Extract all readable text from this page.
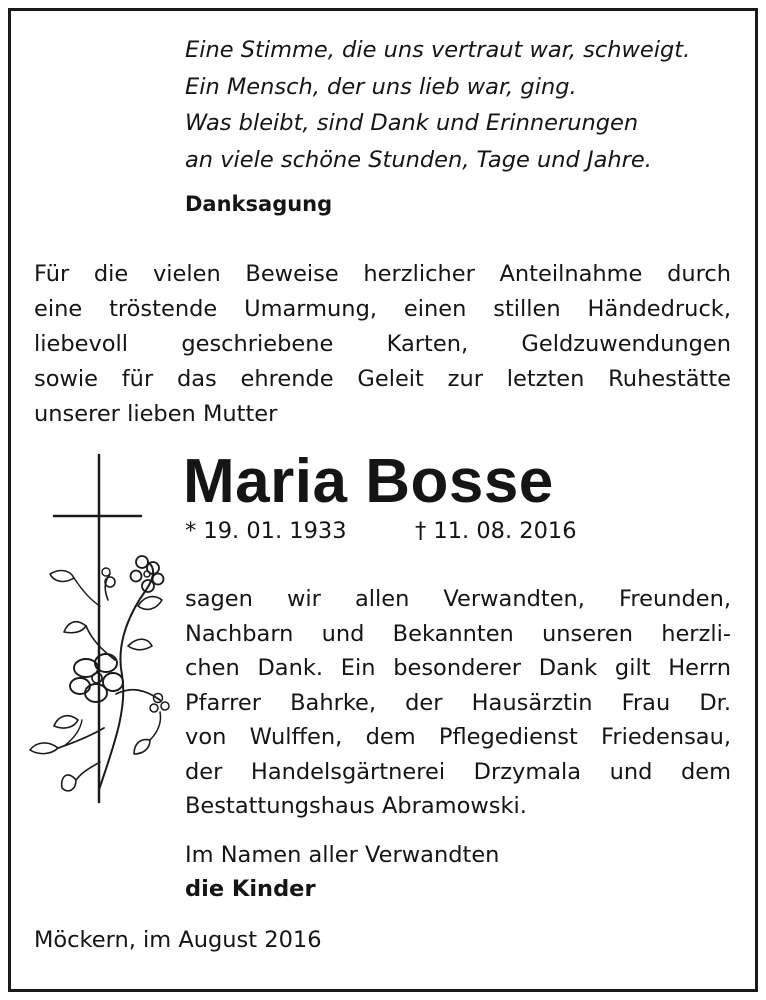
Eine Stimme, die uns vertraut war, schweigt.
Ein Mensch, der uns lieb war, ging.
Was bleibt, sind Dank und Erinnerungen
an viele schöne Stunden, Tage und Jahre.
Danksagung
Für die vielen Beweise herzlicher Anteilnahme durch
eine tröstende Umarmung, einen stillen Händedruck,
liebevoll geschriebene Karten, Geldzuwendungen
sowie für das ehrende Geleit zur letzten Ruhestätte
unserer lieben Mutter
Maria Bosse
* 19. 01. 1933	† 11. 08. 2016
sagen wir allen Verwandten, Freunden,
Nachbarn und Bekannten unseren herzli-
chen Dank. Ein besonderer Dank gilt Herrn
Pfarrer Bahrke, der Hausärztin Frau Dr.
von Wulffen, dem Pflegedienst Friedensau,
der Handelsgärtnerei Drzymala und dem
Bestattungshaus Abramowski.
Im Namen aller Verwandten
die Kinder
Möckern, im August 2016
